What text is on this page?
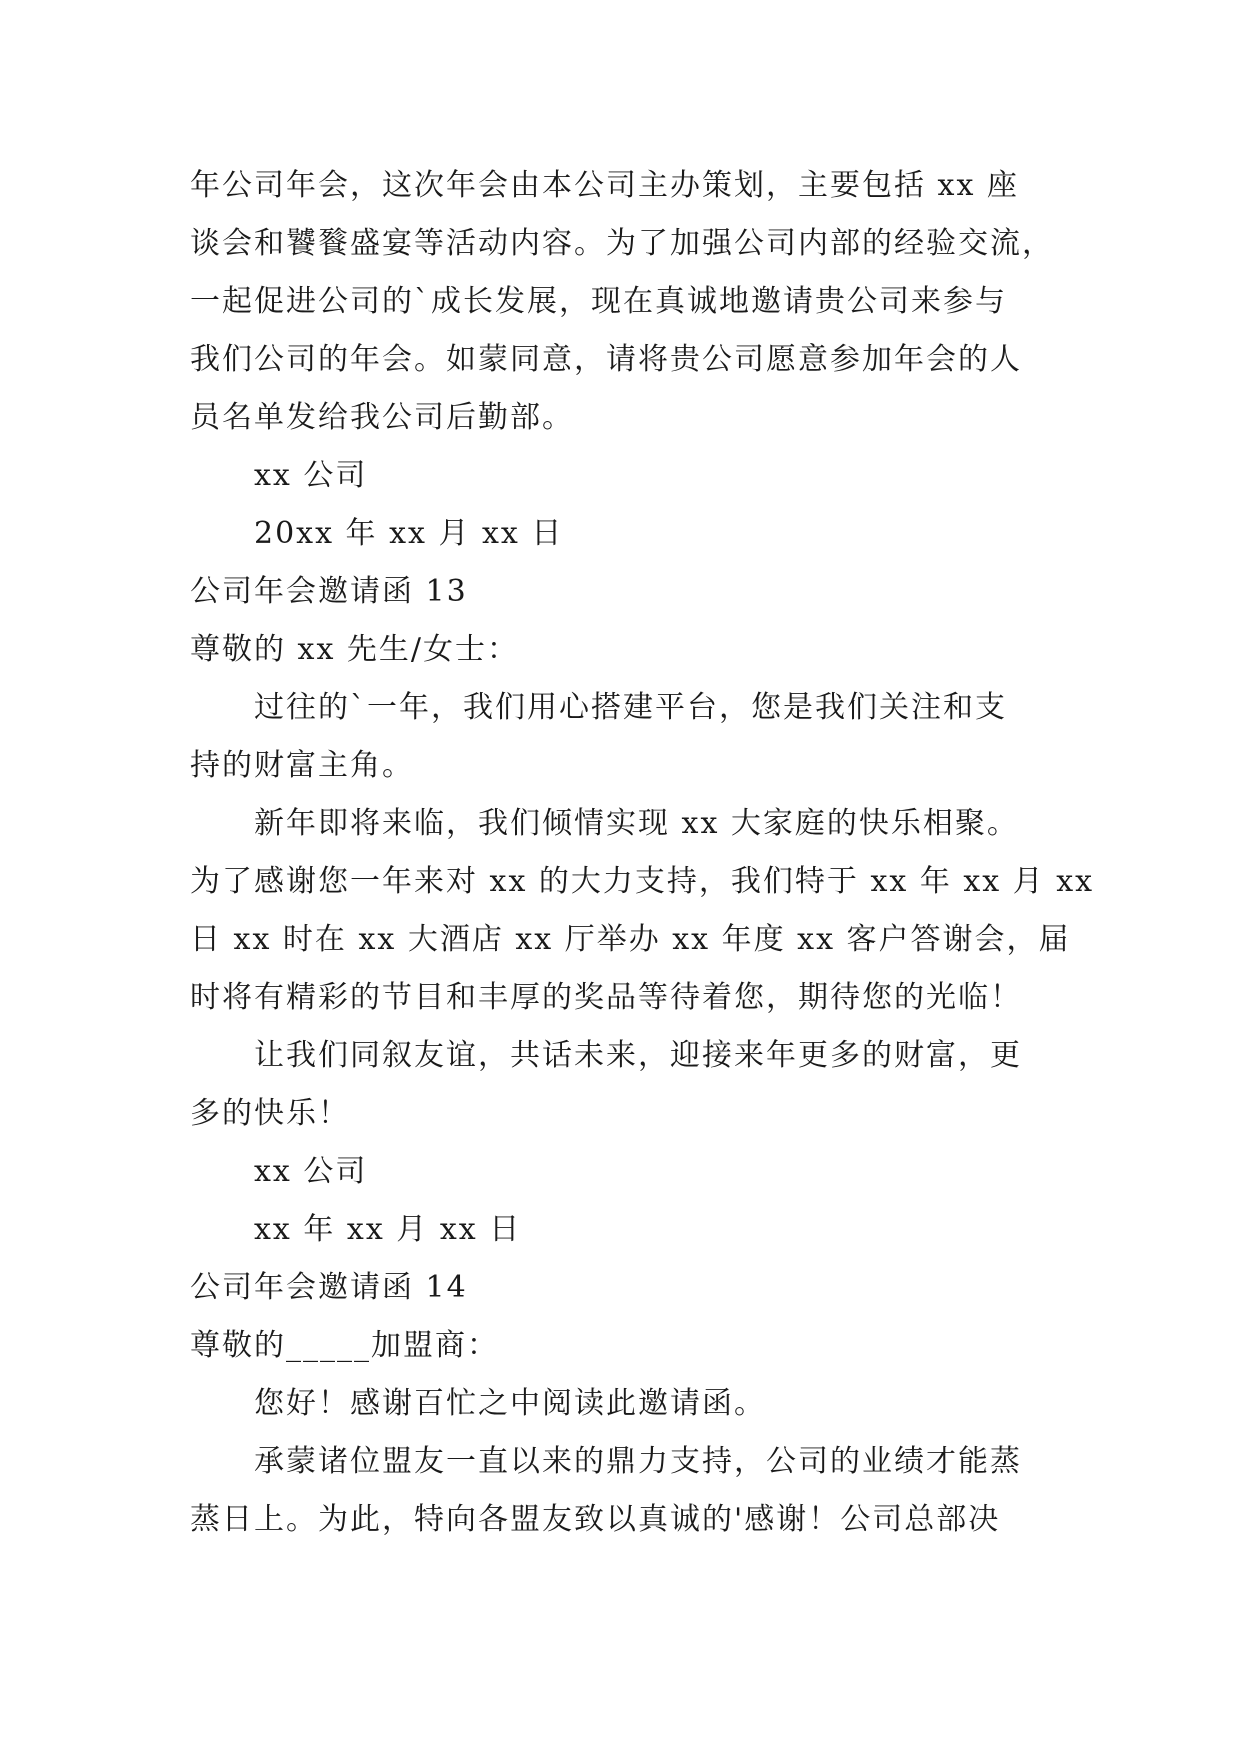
年公司年会，这次年会由本公司主办策划，主要包括 xx 座
谈会和饕餮盛宴等活动内容。为了加强公司内部的经验交流，
一起促进公司的`成长发展，现在真诚地邀请贵公司来参与
我们公司的年会。如蒙同意，请将贵公司愿意参加年会的人
员名单发给我公司后勤部。
xx 公司
20xx 年 xx 月 xx 日
公司年会邀请函 13
尊敬的 xx 先生/女士：
过往的`一年，我们用心搭建平台，您是我们关注和支
持的财富主角。
新年即将来临，我们倾情实现 xx 大家庭的快乐相聚。
为了感谢您一年来对 xx 的大力支持，我们特于 xx 年 xx 月 xx
日 xx 时在 xx 大酒店 xx 厅举办 xx 年度 xx 客户答谢会，届
时将有精彩的节目和丰厚的奖品等待着您，期待您的光临！
让我们同叙友谊，共话未来，迎接来年更多的财富，更
多的快乐！
xx 公司
xx 年 xx 月 xx 日
公司年会邀请函 14
尊敬的_____加盟商：
您好！感谢百忙之中阅读此邀请函。
承蒙诸位盟友一直以来的鼎力支持，公司的业绩才能蒸
蒸日上。为此，特向各盟友致以真诚的'感谢！公司总部决
